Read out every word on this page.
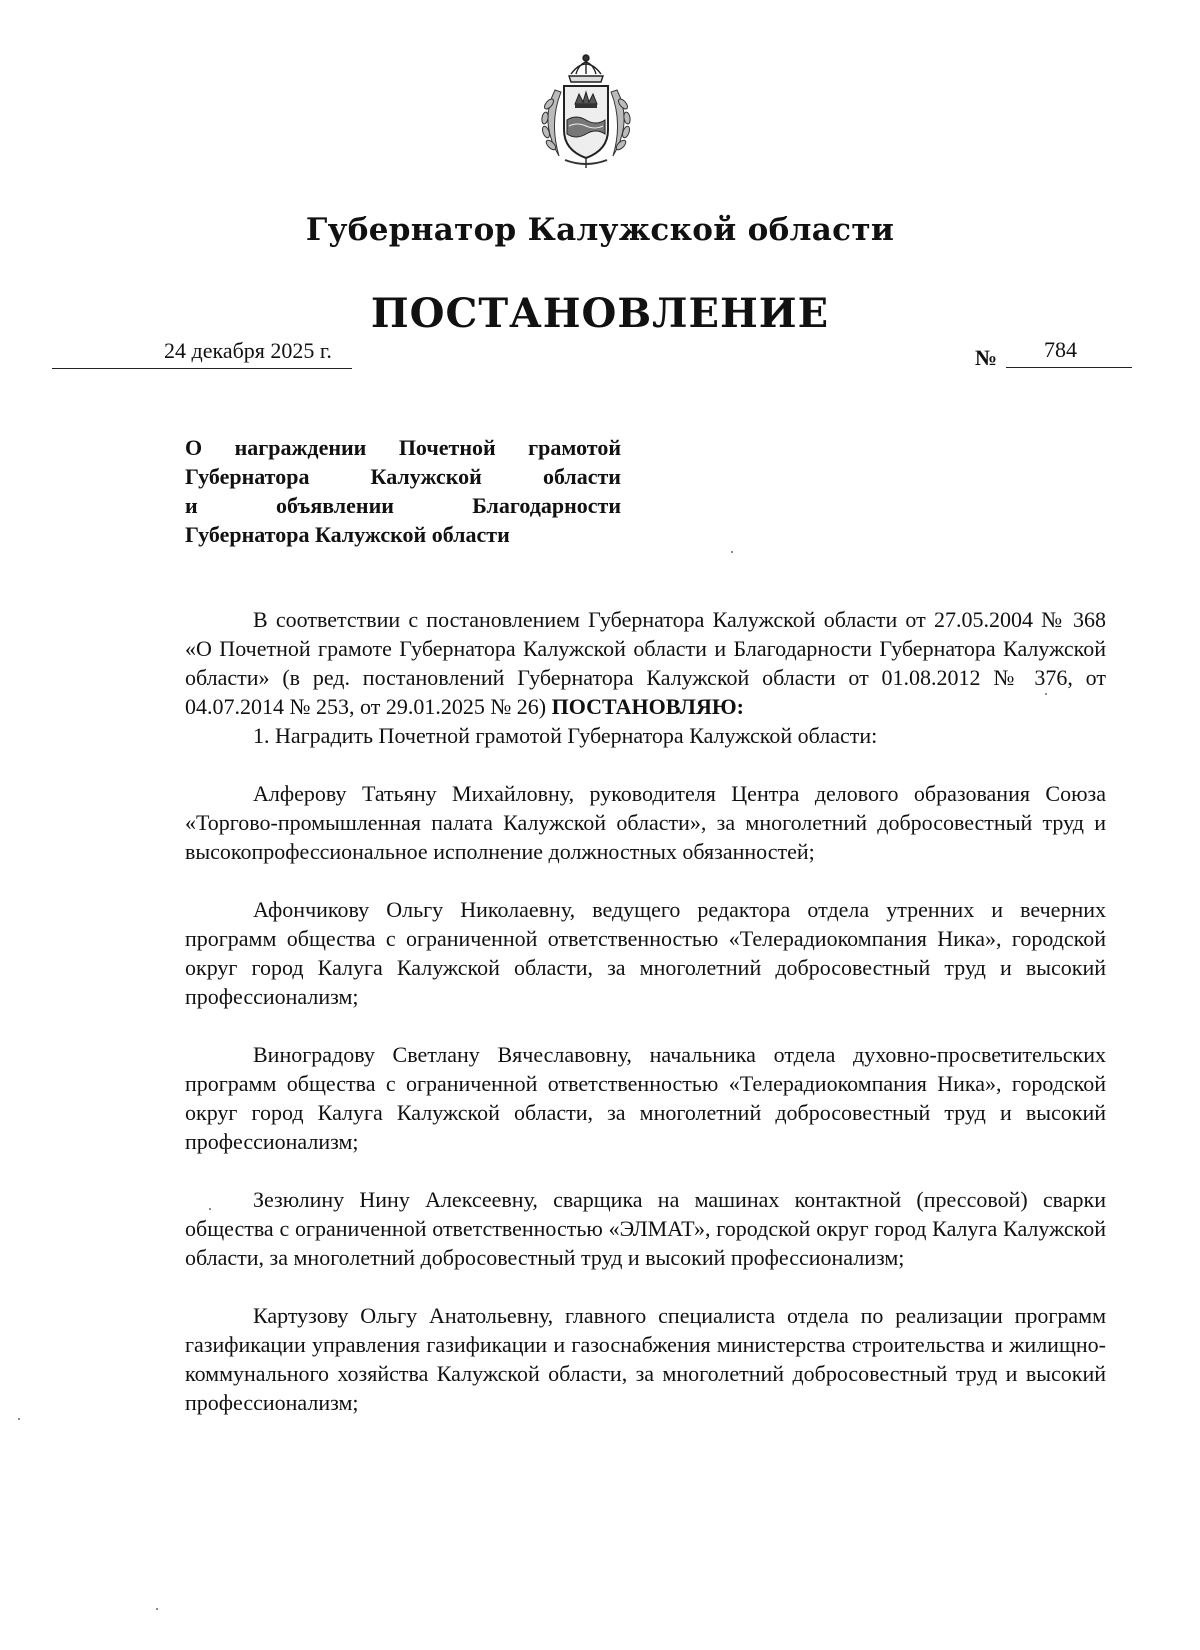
Губернатор Калужской области
ПОСТАНОВЛЕНИЕ
24 декабря 2025 г.	№ 784
О награждении Почетной грамотой
Губернатора Калужской области
и объявлении Благодарности
Губернатора Калужской области

В соответствии с постановлением Губернатора Калужской области от 27.05.2004 № 368 «О Почетной грамоте Губернатора Калужской области и Благодарности Губернатора Калужской области» (в ред. постановлений Губернатора Калужской области от 01.08.2012 № 376, от 04.07.2014 № 253, от 29.01.2025 № 26) ПОСТАНОВЛЯЮ:

1. Наградить Почетной грамотой Губернатора Калужской области:

Алферову Татьяну Михайловну, руководителя Центра делового образования Союза «Торгово-промышленная палата Калужской области», за многолетний добросовестный труд и высокопрофессиональное исполнение должностных обязанностей;

Афончикову Ольгу Николаевну, ведущего редактора отдела утренних и вечерних программ общества с ограниченной ответственностью «Телерадиокомпания Ника», городской округ город Калуга Калужской области, за многолетний добросовестный труд и высокий профессионализм;

Виноградову Светлану Вячеславовну, начальника отдела духовно-просветительских программ общества с ограниченной ответственностью «Телерадиокомпания Ника», городской округ город Калуга Калужской области, за многолетний добросовестный труд и высокий профессионализм;

Зезюлину Нину Алексеевну, сварщика на машинах контактной (прессовой) сварки общества с ограниченной ответственностью «ЭЛМАТ», городской округ город Калуга Калужской области, за многолетний добросовестный труд и высокий профессионализм;

Картузову Ольгу Анатольевну, главного специалиста отдела по реализации программ газификации управления газификации и газоснабжения министерства строительства и жилищно-коммунального хозяйства Калужской области, за многолетний добросовестный труд и высокий профессионализм;
